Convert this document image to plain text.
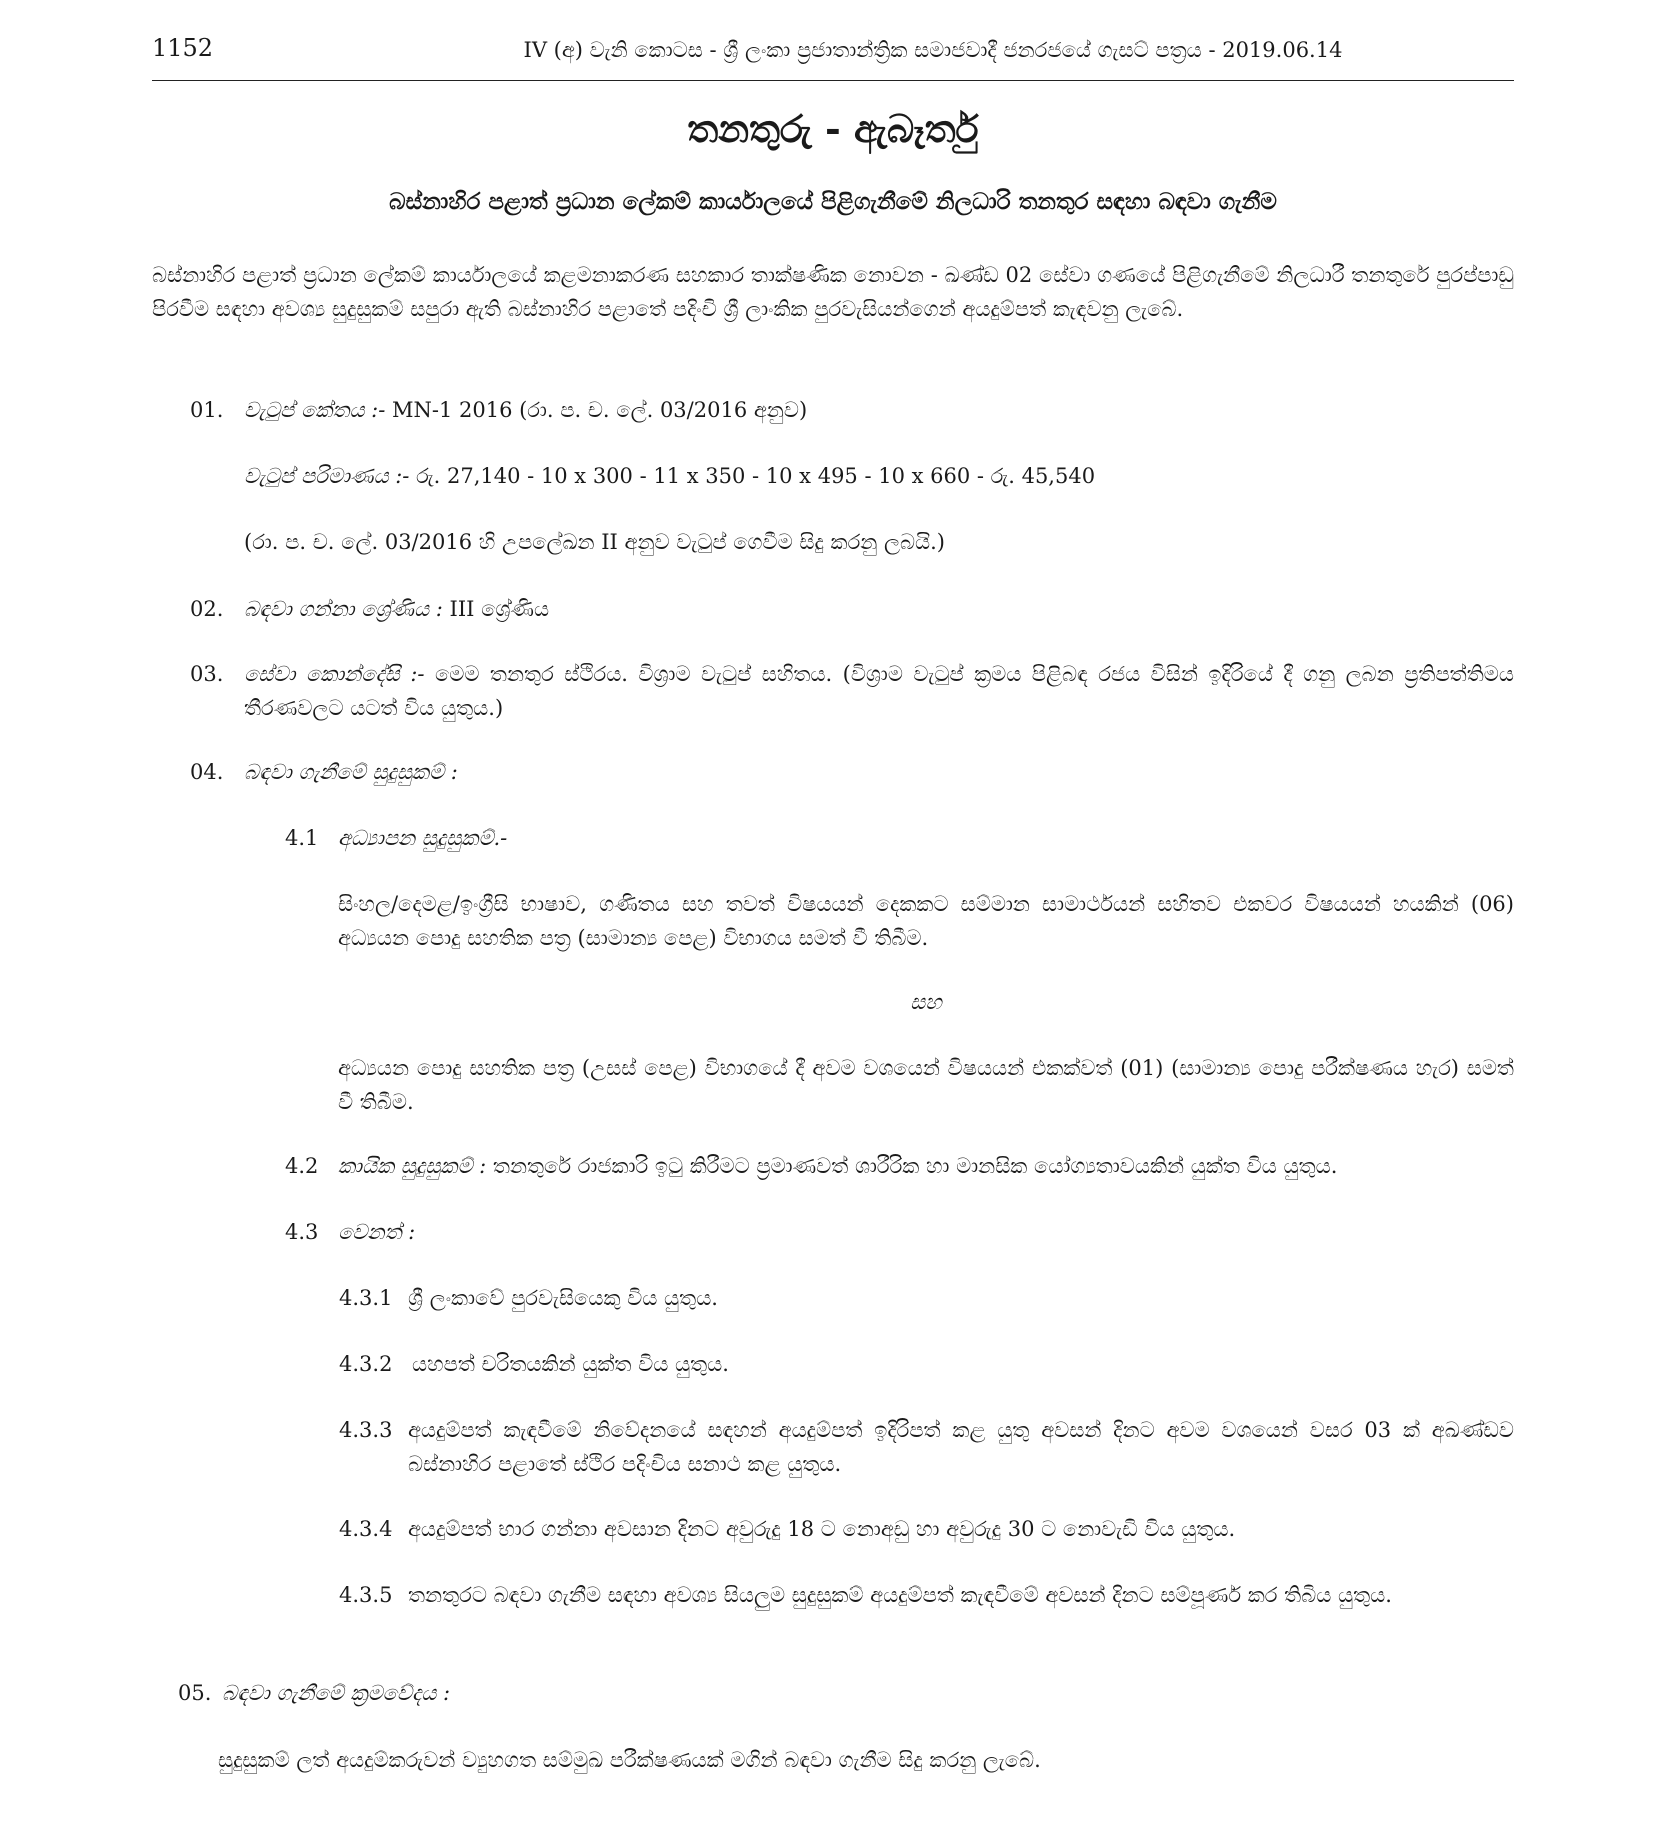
1152	IV (අ) වැනි කොටස - ශ්‍රී ලංකා ප්‍රජාතාන්ත්‍රික සමාජවාදී ජනරජයේ ගැසට් පත්‍රය - 2019.06.14
තනතුරු - ඇබෑර්තු
බස්නාහිර පළාත් ප්‍රධාන ලේකම් කාර්යාලයේ පිළිගැනීමේ නිලධාරි තනතුර සඳහා බඳවා ගැනීම
බස්නාහිර පළාත් ප්‍රධාන ලේකම් කාර්යාලයේ කළමනාකරණ සහකාර තාක්ෂණික නොවන - ඛණ්ඩ 02 සේවා ගණයේ පිළිගැනීමේ නිලධාරී තනතුරේ පුරප්පාඩු පිරවීම සඳහා අවශ්‍ය සුදුසුකම් සපුරා ඇති බස්නාහිර පළාතේ පදිංචි ශ්‍රී ලාංකික පුරවැසියන්ගෙන් අයදුම්පත් කැඳවනු ලැබේ.
01. වැටුප් කේතය :- MN-1 2016 (රා. ප. ච. ලේ. 03/2016 අනුව)
වැටුප් පරිමාණය :- රු. 27,140 - 10 x 300 - 11 x 350 - 10 x 495 - 10 x 660 - රු. 45,540
(රා. ප. ච. ලේ. 03/2016 හි උපලේඛන II අනුව වැටුප් ගෙවීම සිදු කරනු ලබයි.)
02. බඳවා ගන්නා ශ්‍රේණිය : III ශ්‍රේණිය
03. සේවා කොන්දේසි :- මෙම තනතුර ස්ථිරය. විශ්‍රාම වැටුප් සහිතය. (විශ්‍රාම වැටුප් ක්‍රමය පිළිබඳ රජය විසින් ඉදිරියේ දී ගනු ලබන ප්‍රතිපත්තිමය තීරණවලට යටත් විය යුතුය.)
04. බඳවා ගැනීමේ සුදුසුකම් :
4.1 අධ්‍යාපන සුදුසුකම්.-
සිංහල/දෙමළ/ඉංග්‍රීසි භාෂාව, ගණිතය සහ තවත් විෂයයන් දෙකකට සම්මාන සාමාර්ථයන් සහිතව එකවර විෂයයන් හයකින් (06) අධ්‍යයන පොදු සහතික පත්‍ර (සාමාන්‍ය පෙළ) විභාගය සමත් වී තිබීම.
සහ
අධ්‍යයන පොදු සහතික පත්‍ර (උසස් පෙළ) විභාගයේ දී අවම වශයෙන් විෂයයන් එකක්වත් (01) (සාමාන්‍ය පොදු පරීක්ෂණය හැර) සමත් වී තිබීම.
4.2 කායික සුදුසුකම් : තනතුරේ රාජකාරි ඉටු කිරීමට ප්‍රමාණවත් ශාරීරික හා මානසික යෝග්‍යතාවයකින් යුක්ත විය යුතුය.
4.3 වෙනත් :
4.3.1 ශ්‍රී ලංකාවේ පුරවැසියෙකු විය යුතුය.
4.3.2 යහපත් චරිතයකින් යුක්ත විය යුතුය.
4.3.3 අයදුම්පත් කැඳවීමේ නිවේදනයේ සඳහන් අයදුම්පත් ඉදිරිපත් කළ යුතු අවසන් දිනට අවම වශයෙන් වසර 03 ක් අඛණ්ඩව බස්නාහිර පළාතේ ස්ථිර පදිංචිය සනාථ කළ යුතුය.
4.3.4 අයදුම්පත් භාර ගන්නා අවසාන දිනට අවුරුදු 18 ට නොඅඩු හා අවුරුදු 30 ට නොවැඩි විය යුතුය.
4.3.5 තනතුරට බඳවා ගැනීම සඳහා අවශ්‍ය සියලුම සුදුසුකම් අයදුම්පත් කැඳවීමේ අවසන් දිනට සම්පූර්ණ කර තිබිය යුතුය.
05. බඳවා ගැනීමේ ක්‍රමවේදය :
සුදුසුකම් ලත් අයදුම්කරුවන් ව්‍යුහගත සම්මුඛ පරීක්ෂණයක් මගින් බඳවා ගැනීම සිදු කරනු ලැබේ.
